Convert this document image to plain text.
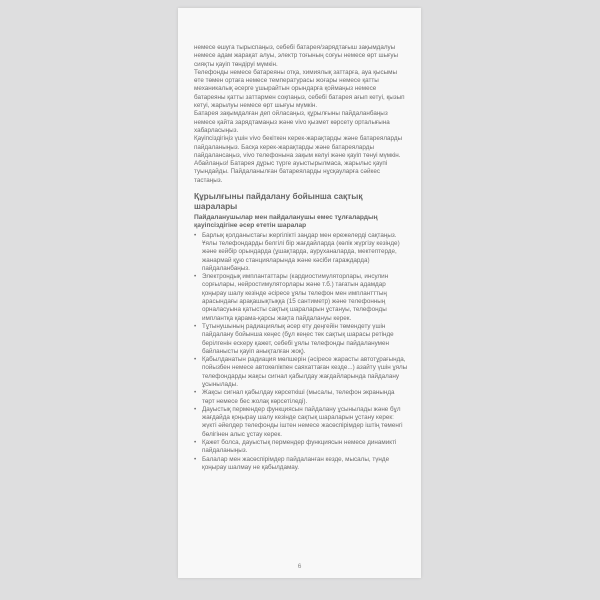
немесе өшуга тырыспаңыз, себебі батарея/зарядтағыш зақымдалуы немесе адам жарақат алуы, электр тоғының соғуы немесе өрт шығуы сияқты қауіп төндіруі мүмкін.

Телефонды немесе батареяны отқа, химиялық заттарға, ауа қысымы өте төмен ортаға немесе температурасы жоғары немесе қатты механикалық әсерге ұшырайтын орындарға қоймаңыз немесе батареяны қатты заттармен соқпаңыз, себебі батарея ағып кетуі, қызып кетуі, жарылуы немесе өрт шығуы мүмкін.

Батарея зақымдалған деп ойласаңыз, құрылғыны пайдаланбаңыз немесе қайта зарядтамаңыз және vivo қызмет көрсету орталығына хабарласыңыз.

Қауіпсіздігіңіз үшін vivo бекіткен керек-жарақтарды және батареяларды пайдаланыңыз. Басқа керек-жарақтарды және батареяларды пайдалансаңыз, vivo телефонына зақым келуі және қауіп төнуі мүмкін.

Абайлаңыз! Батарея дұрыс түрге ауыстырылмаса, жарылыс қаупі туындайды. Пайдаланылған батареяларды нұсқауларға сәйкес тастаңыз.

Құрылғыны пайдалану бойынша сақтық шаралары
Пайдаланушылар мен пайдаланушы емес тұлғалардың қауіпсіздігіне әсер ететін шаралар
• Барлық қолданыстағы жергілікті заңдар мен ережелерді сақтаңыз. Ұялы телефондарды белгілі бір жағдайларда (көлік жүргізу кезінде) және кейбір орындарда (ұшақтарда, ауруханаларда, мектептерде, жанармай құю станцияларында және кәсіби гараждарда) пайдаланбаңыз.
• Электрондық имплантаттары (кардиостимуляторлары, инсулин сорғылары, нейростимуляторлары және т.б.) тағатын адамдар қоңырау шалу кезінде әсіресе ұялы телефон мен имплантттың арасындағы арақашықтыққа (15 сантиметр) және телефонның орналасуына қатысты сақтық шараларын ұстануы, телефонды имплантқа қарама-қарсы жақта пайдалануы керек.
• Тұтынушының радиациялық әсер ету деңгейін төмендету үшін пайдалану бойынша кеңес (бұл кеңес тек сақтық шарасы ретінде берілгенін ескеру қажет, себебі ұялы телефонды пайдаланумен байланысты қауіп анықталған жоқ).
• Қабылданатын радиация мөлшерін (әсіресе жарасты автотұрағында, пойызбен немесе автокөлікпен саяхаттаған кезде...) азайту үшін ұялы телефондарды жақсы сигнал қабылдау жағдайларында пайдалану ұсынылады.
• Жақсы сигнал қабылдау көрсеткіші (мысалы, телефон экранында төрт немесе бес жолақ көрсетіледі).
• Дауыстық пермендер функциясын пайдалану ұсынылады және бұл жағдайда қоңырау шалу кезінде сақтық шараларын ұстану керек: жүкті әйелдер телефонды іштен немесе жасөспірімдер іштің төменгі бөлігінен алыс ұстау керек.
• Қажет болса, дауыстық пермендер функциясын немесе динамикті пайдаланыңыз.
• Балалар мен жасөспірімдер пайдаланған кезде, мысалы, түнде қоңырау шалмау не қабылдамау.
6
